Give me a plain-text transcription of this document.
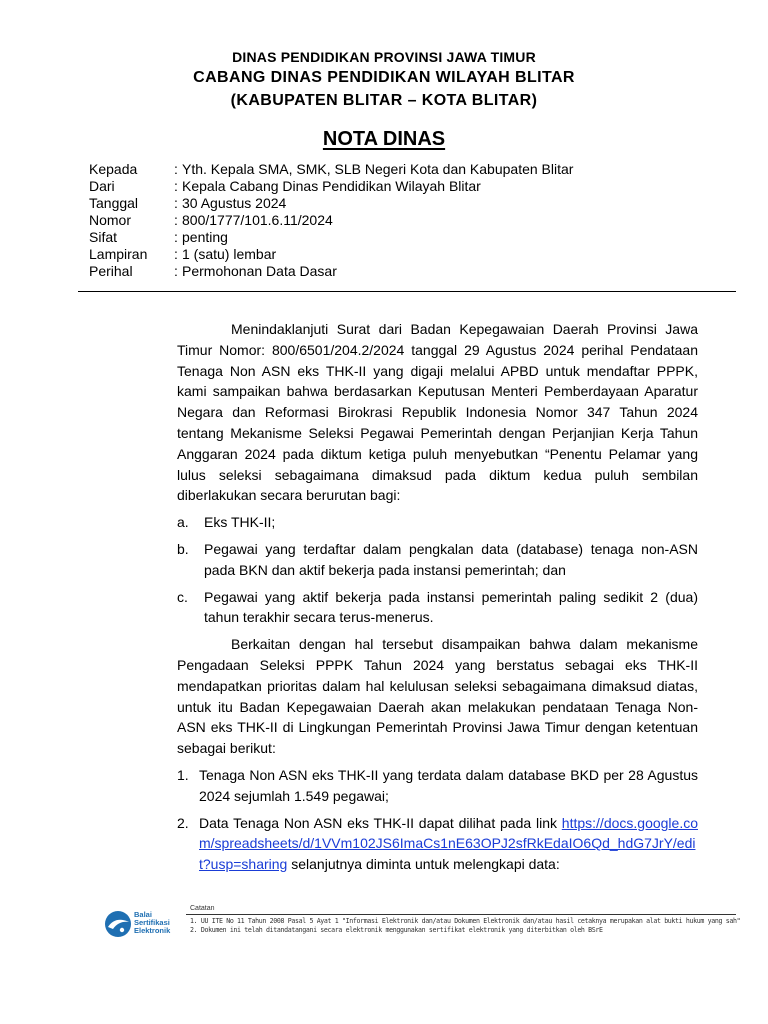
DINAS PENDIDIKAN PROVINSI JAWA TIMUR
CABANG DINAS PENDIDIKAN WILAYAH BLITAR
(KABUPATEN BLITAR – KOTA BLITAR)
NOTA DINAS
Kepada	: Yth. Kepala SMA, SMK, SLB Negeri Kota dan Kabupaten Blitar
Dari	: Kepala Cabang Dinas Pendidikan Wilayah Blitar
Tanggal	: 30 Agustus 2024
Nomor	: 800/1777/101.6.11/2024
Sifat	: penting
Lampiran : 1 (satu) lembar
Perihal	: Permohonan Data Dasar

Menindaklanjuti Surat dari Badan Kepegawaian Daerah Provinsi Jawa Timur Nomor: 800/6501/204.2/2024 tanggal 29 Agustus 2024 perihal Pendataan Tenaga Non ASN eks THK-II yang digaji melalui APBD untuk mendaftar PPPK, kami sampaikan bahwa berdasarkan Keputusan Menteri Pemberdayaan Aparatur Negara dan Reformasi Birokrasi Republik Indonesia Nomor 347 Tahun 2024 tentang Mekanisme Seleksi Pegawai Pemerintah dengan Perjanjian Kerja Tahun Anggaran 2024 pada diktum ketiga puluh menyebutkan “Penentu Pelamar yang lulus seleksi sebagaimana dimaksud pada diktum kedua puluh sembilan diberlakukan secara berurutan bagi:

a.	Eks THK-II;
b.	Pegawai yang terdaftar dalam pengkalan data (database) tenaga non-ASN pada BKN dan aktif bekerja pada instansi pemerintah; dan
c.	Pegawai yang aktif bekerja pada instansi pemerintah paling sedikit 2 (dua) tahun terakhir secara terus-menerus.

Berkaitan dengan hal tersebut disampaikan bahwa dalam mekanisme Pengadaan Seleksi PPPK Tahun 2024 yang berstatus sebagai eks THK-II mendapatkan prioritas dalam hal kelulusan seleksi sebagaimana dimaksud diatas, untuk itu Badan Kepegawaian Daerah akan melakukan pendataan Tenaga Non-ASN eks THK-II di Lingkungan Pemerintah Provinsi Jawa Timur dengan ketentuan sebagai berikut:

1. Tenaga Non ASN eks THK-II yang terdata dalam database BKD per 28 Agustus 2024 sejumlah 1.549 pegawai;
2. Data Tenaga Non ASN eks THK-II dapat dilihat pada link https://docs.google.com/spreadsheets/d/1VVm102JS6ImaCs1nE63OPJ2sfRkEdaIO6Qd_hdG7JrY/edit?usp=sharing selanjutnya diminta untuk melengkapi data:
Balai
Sertifikasi
Elektronik
Catatan
1. UU ITE No 11 Tahun 2008 Pasal 5 Ayat 1 "Informasi Elektronik dan/atau Dokumen Elektronik dan/atau hasil cetaknya merupakan alat bukti hukum yang sah"
2. Dokumen ini telah ditandatangani secara elektronik menggunakan sertifikat elektronik yang diterbitkan oleh BSrE
